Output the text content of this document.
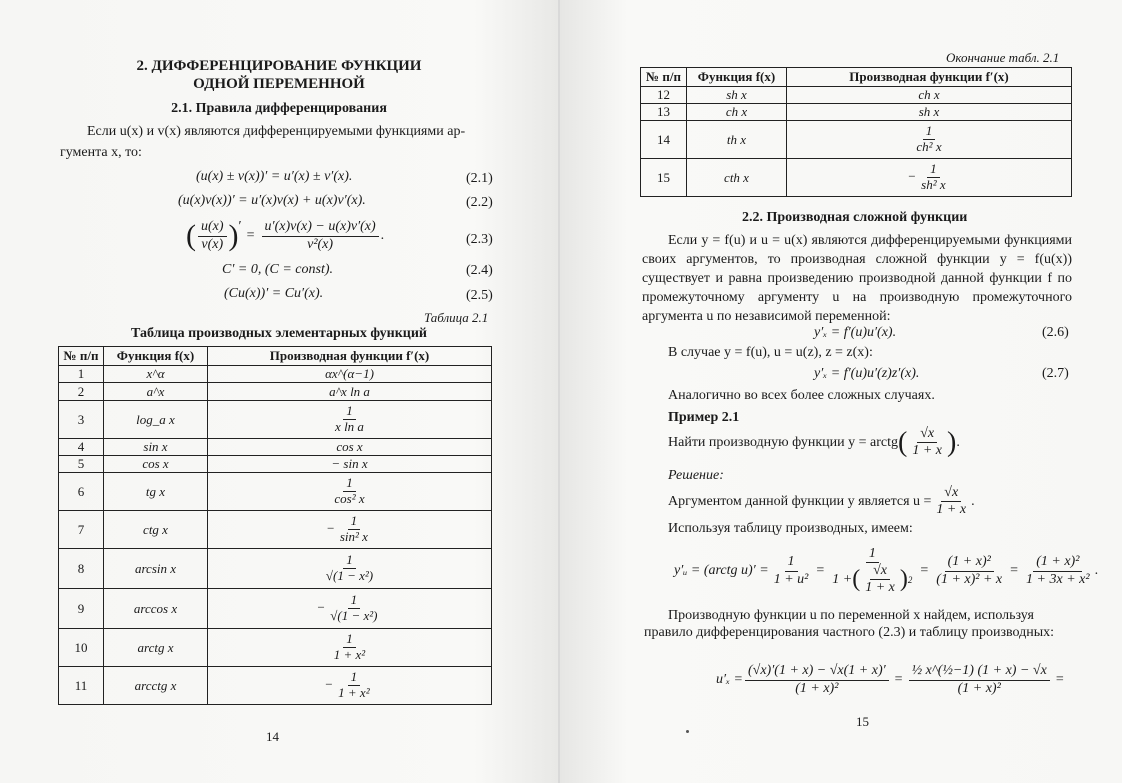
2. ДИФФЕРЕНЦИРОВАНИЕ ФУНКЦИИ
ОДНОЙ ПЕРЕМЕННОЙ
2.1. Правила дифференцирования
Если u(x) и v(x) являются дифференцируемыми функциями ар-
гумента x, то:
(u(x) ± v(x))′ = u′(x) ± v′(x).	(2.1)
(u(x)v(x))′ = u′(x)v(x) + u(x)v′(x).	(2.2)
( $\frac{u(x)}{v(x)}$ ) ′
= $\frac{u'(x)v(x) - u(x)v'(x)}{\text{v²(x)}}$ .	(2.3)
C′ = 0, (C = const).	(2.4)
(Cu(x))′ = Cu′(x).	(2.5)
Таблица 2.1
Таблица производных элементарных функций
№ п/п	Функция f(x)	Производная функции f′(x)
1	x^α	αx^(α−1)
2	a^x	a^x ln a
3	log_a x	$\frac{1}{\text{x ln a}}$

4	sin x	cos x
5	cos x	− sin x
6	tg x	$\frac{1}{\text{cos² x}}$

7	ctg x	− $\frac{1}{\text{sin² x}}$

8	arcsin x	$\frac{1}{\text{√(1 − x²)}}$

9	arccos x	− $\frac{1}{\text{√(1 − x²)}}$

10	arctg x	$\frac{1}{\text{1 + x²}}$

11	arcctg x	− $\frac{1}{\text{1 + x²}}$
14
Окончание табл. 2.1
№ п/п	Функция f(x)	Производная функции f′(x)
12	sh x	ch x
13	ch x	sh x
14	th x	$\frac{1}{\text{ch² x}}$

15	cth x	− $\frac{1}{\text{sh² x}}$
2.2. Производная сложной функции
Если y = f(u) и u = u(x) являются дифференцируемыми функциями своих аргументов, то производная сложной функции y = f(u(x)) существует и равна произведению производной данной функции f по промежуточному аргументу u на производную промежуточного аргумента u по независимой переменной:
y′ₓ = f′(u)u′(x).	(2.6)
В случае y = f(u), u = u(z), z = z(x):
y′ₓ = f′(u)u′(z)z′(x).	(2.7)
Аналогично во всех более сложных случаях.
Пример 2.1
Найти производную функции y = arctg ( $\frac{√x}{1 + x}$ ) .
Решение:
Аргументом данной функции y является $u = \frac{√x}{1 + x}$ .
Используя таблицу производных, имеем:
y′ᵤ = (arctg $u)' = \frac{1}{\text{1 + u²}} = \frac{1}{1 + ( \frac{√x}{1 + x} ) 2} = \frac{\text{(1 + x)²}}{\text{(1 + x)² + x}} = \frac{\text{(1 + x)²}}{\text{1 + 3x + x²}}$ .
Производную функции u по переменной x найдем, используя
правило дифференцирования частного (2.3) и таблицу производных:
$u'_x = \frac{(√x)'(1 + x) - √x(1 + x)'}{\text{(1 + x)²}} = \frac{\text{½ x\textasciicircum{}(½−1) (1 + x) − √x}}{\text{(1 + x)²}}$ =
15
